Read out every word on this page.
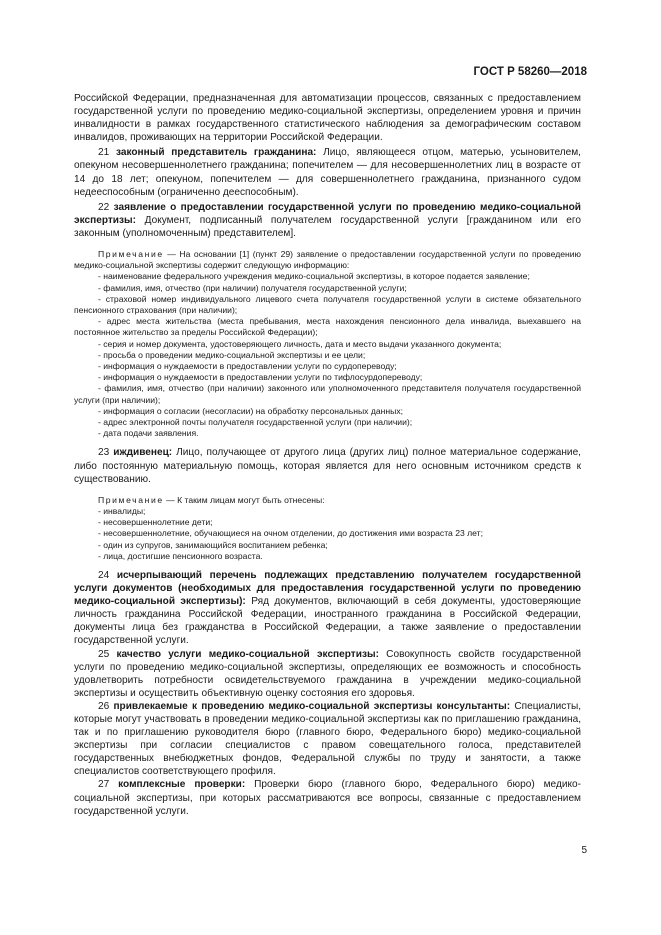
ГОСТ Р 58260—2018

Российской Федерации, предназначенная для автоматизации процессов, связанных с предоставлением государственной услуги по проведению медико-социальной экспертизы, определением уровня и причин инвалидности в рамках государственного статистического наблюдения за демографическим составом инвалидов, проживающих на территории Российской Федерации.

21 законный представитель гражданина: Лицо, являющееся отцом, матерью, усыновителем, опекуном несовершеннолетнего гражданина; попечителем — для несовершеннолетних лиц в возрасте от 14 до 18 лет; опекуном, попечителем — для совершеннолетнего гражданина, признанного судом недееспособным (ограниченно дееспособным).

22 заявление о предоставлении государственной услуги по проведению медико-социальной экспертизы: Документ, подписанный получателем государственной услуги [гражданином или его законным (уполномоченным) представителем].

Примечание — На основании [1] (пункт 29) заявление о предоставлении государственной услуги по проведению медико-социальной экспертизы содержит следующую информацию:

- наименование федерального учреждения медико-социальной экспертизы, в которое подается заявление;

- фамилия, имя, отчество (при наличии) получателя государственной услуги;

- страховой номер индивидуального лицевого счета получателя государственной услуги в системе обязательного пенсионного страхования (при наличии);

- адрес места жительства (места пребывания, места нахождения пенсионного дела инвалида, выехавшего на постоянное жительство за пределы Российской Федерации);

- серия и номер документа, удостоверяющего личность, дата и место выдачи указанного документа;

- просьба о проведении медико-социальной экспертизы и ее цели;

- информация о нуждаемости в предоставлении услуги по сурдопереводу;

- информация о нуждаемости в предоставлении услуги по тифлосурдопереводу;

- фамилия, имя, отчество (при наличии) законного или уполномоченного представителя получателя государственной услуги (при наличии);

- информация о согласии (несогласии) на обработку персональных данных;

- адрес электронной почты получателя государственной услуги (при наличии);

- дата подачи заявления.

23 иждивенец: Лицо, получающее от другого лица (других лиц) полное материальное содержание, либо постоянную материальную помощь, которая является для него основным источником средств к существованию.

Примечание — К таким лицам могут быть отнесены:

- инвалиды;

- несовершеннолетние дети;

- несовершеннолетние, обучающиеся на очном отделении, до достижения ими возраста 23 лет;

- один из супругов, занимающийся воспитанием ребенка;

- лица, достигшие пенсионного возраста.

24 исчерпывающий перечень подлежащих представлению получателем государственной услуги документов (необходимых для предоставления государственной услуги по проведению медико-социальной экспертизы): Ряд документов, включающий в себя документы, удостоверяющие личность гражданина Российской Федерации, иностранного гражданина в Российской Федерации, документы лица без гражданства в Российской Федерации, а также заявление о предоставлении государственной услуги.

25 качество услуги медико-социальной экспертизы: Совокупность свойств государственной услуги по проведению медико-социальной экспертизы, определяющих ее возможность и способность удовлетворить потребности освидетельствуемого гражданина в учреждении медико-социальной экспертизы и осуществить объективную оценку состояния его здоровья.

26 привлекаемые к проведению медико-социальной экспертизы консультанты: Специалисты, которые могут участвовать в проведении медико-социальной экспертизы как по приглашению гражданина, так и по приглашению руководителя бюро (главного бюро, Федерального бюро) медико-социальной экспертизы при согласии специалистов с правом совещательного голоса, представителей государственных внебюджетных фондов, Федеральной службы по труду и занятости, а также специалистов соответствующего профиля.

27 комплексные проверки: Проверки бюро (главного бюро, Федерального бюро) медико-социальной экспертизы, при которых рассматриваются все вопросы, связанные с предоставлением государственной услуги.

5
